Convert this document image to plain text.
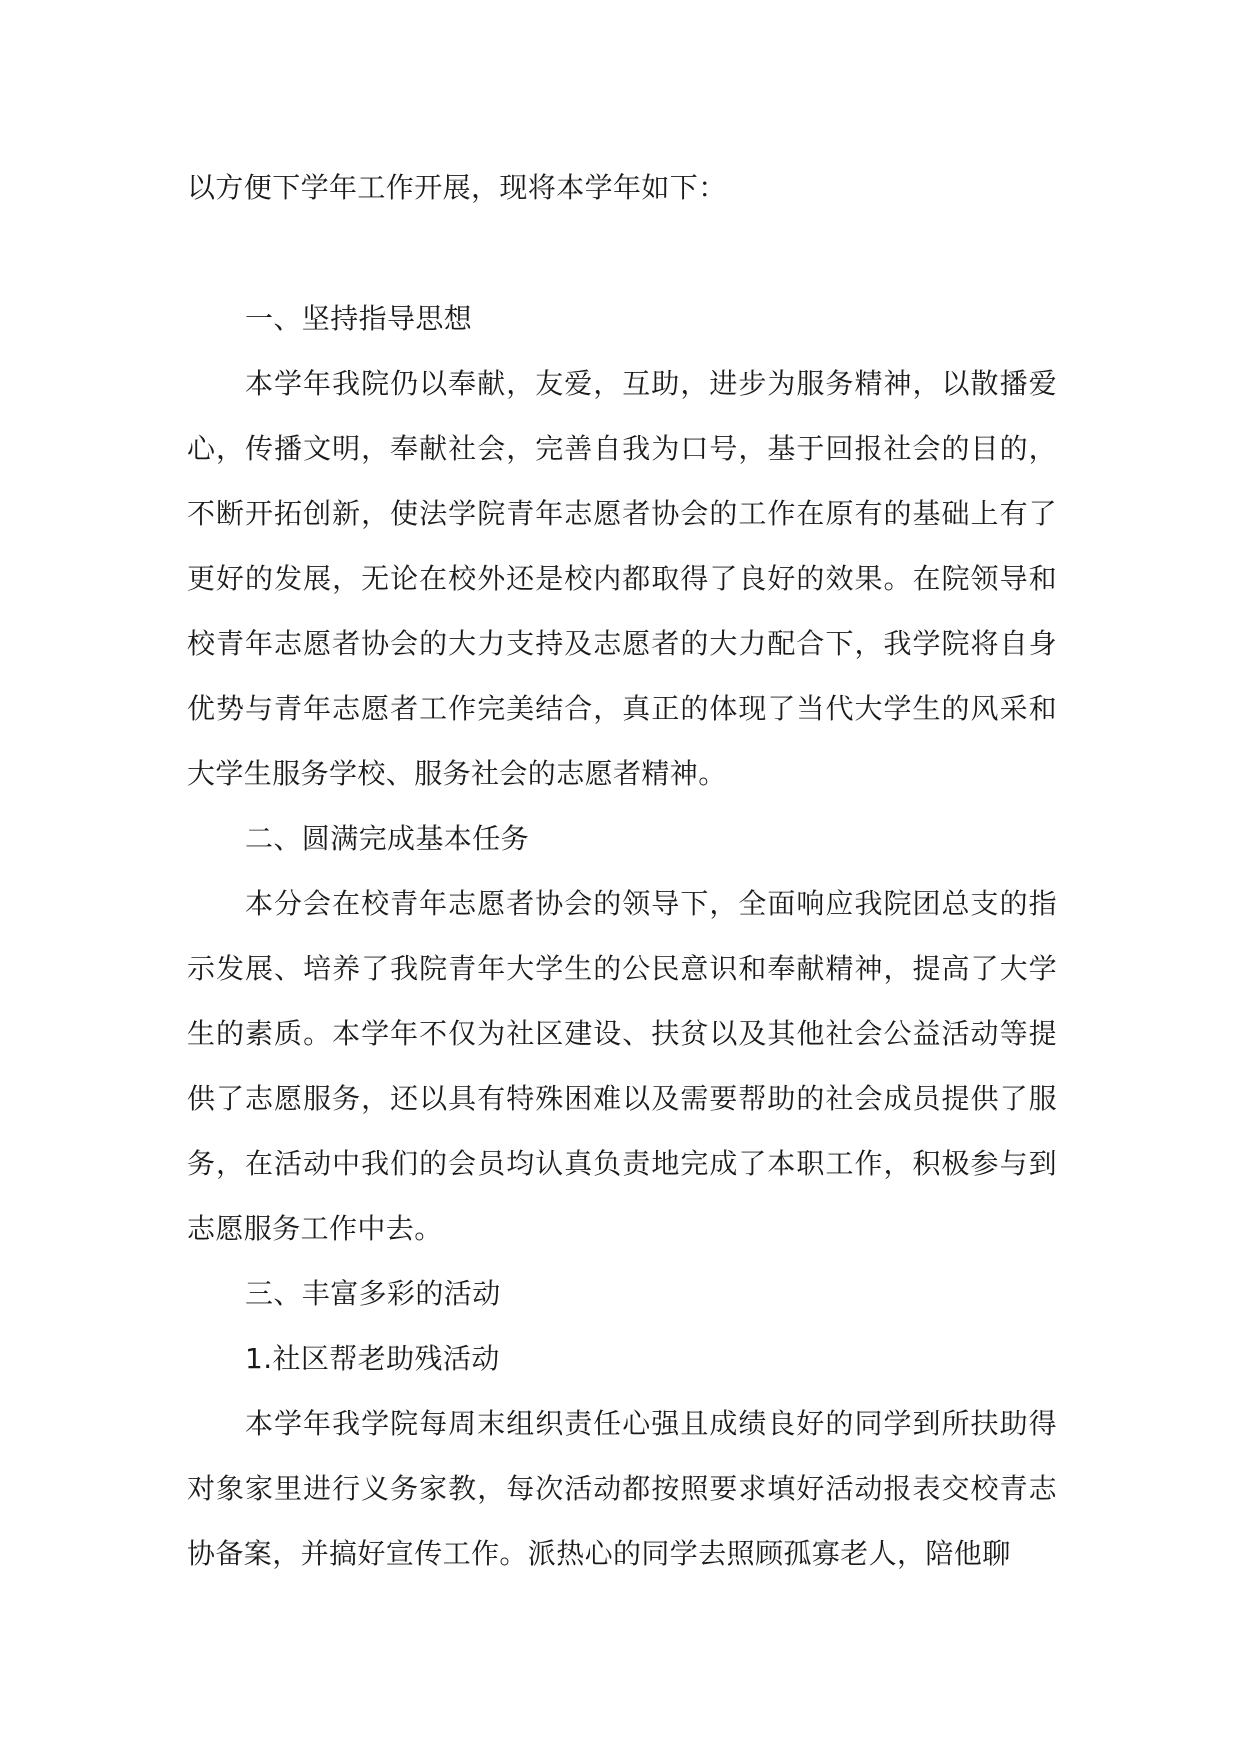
以方便下学年工作开展，现将本学年如下：

一、坚持指导思想

本学年我院仍以奉献，友爱，互助，进步为服务精神，以散播爱心，传播文明，奉献社会，完善自我为口号，基于回报社会的目的，不断开拓创新，使法学院青年志愿者协会的工作在原有的基础上有了更好的发展，无论在校外还是校内都取得了良好的效果。在院领导和校青年志愿者协会的大力支持及志愿者的大力配合下，我学院将自身优势与青年志愿者工作完美结合，真正的体现了当代大学生的风采和大学生服务学校、服务社会的志愿者精神。

二、圆满完成基本任务

本分会在校青年志愿者协会的领导下，全面响应我院团总支的指示发展、培养了我院青年大学生的公民意识和奉献精神，提高了大学生的素质。本学年不仅为社区建设、扶贫以及其他社会公益活动等提供了志愿服务，还以具有特殊困难以及需要帮助的社会成员提供了服务，在活动中我们的会员均认真负责地完成了本职工作，积极参与到志愿服务工作中去。

三、丰富多彩的活动

1.社区帮老助残活动

本学年我学院每周末组织责任心强且成绩良好的同学到所扶助得对象家里进行义务家教，每次活动都按照要求填好活动报表交校青志协备案，并搞好宣传工作。派热心的同学去照顾孤寡老人，陪他聊
